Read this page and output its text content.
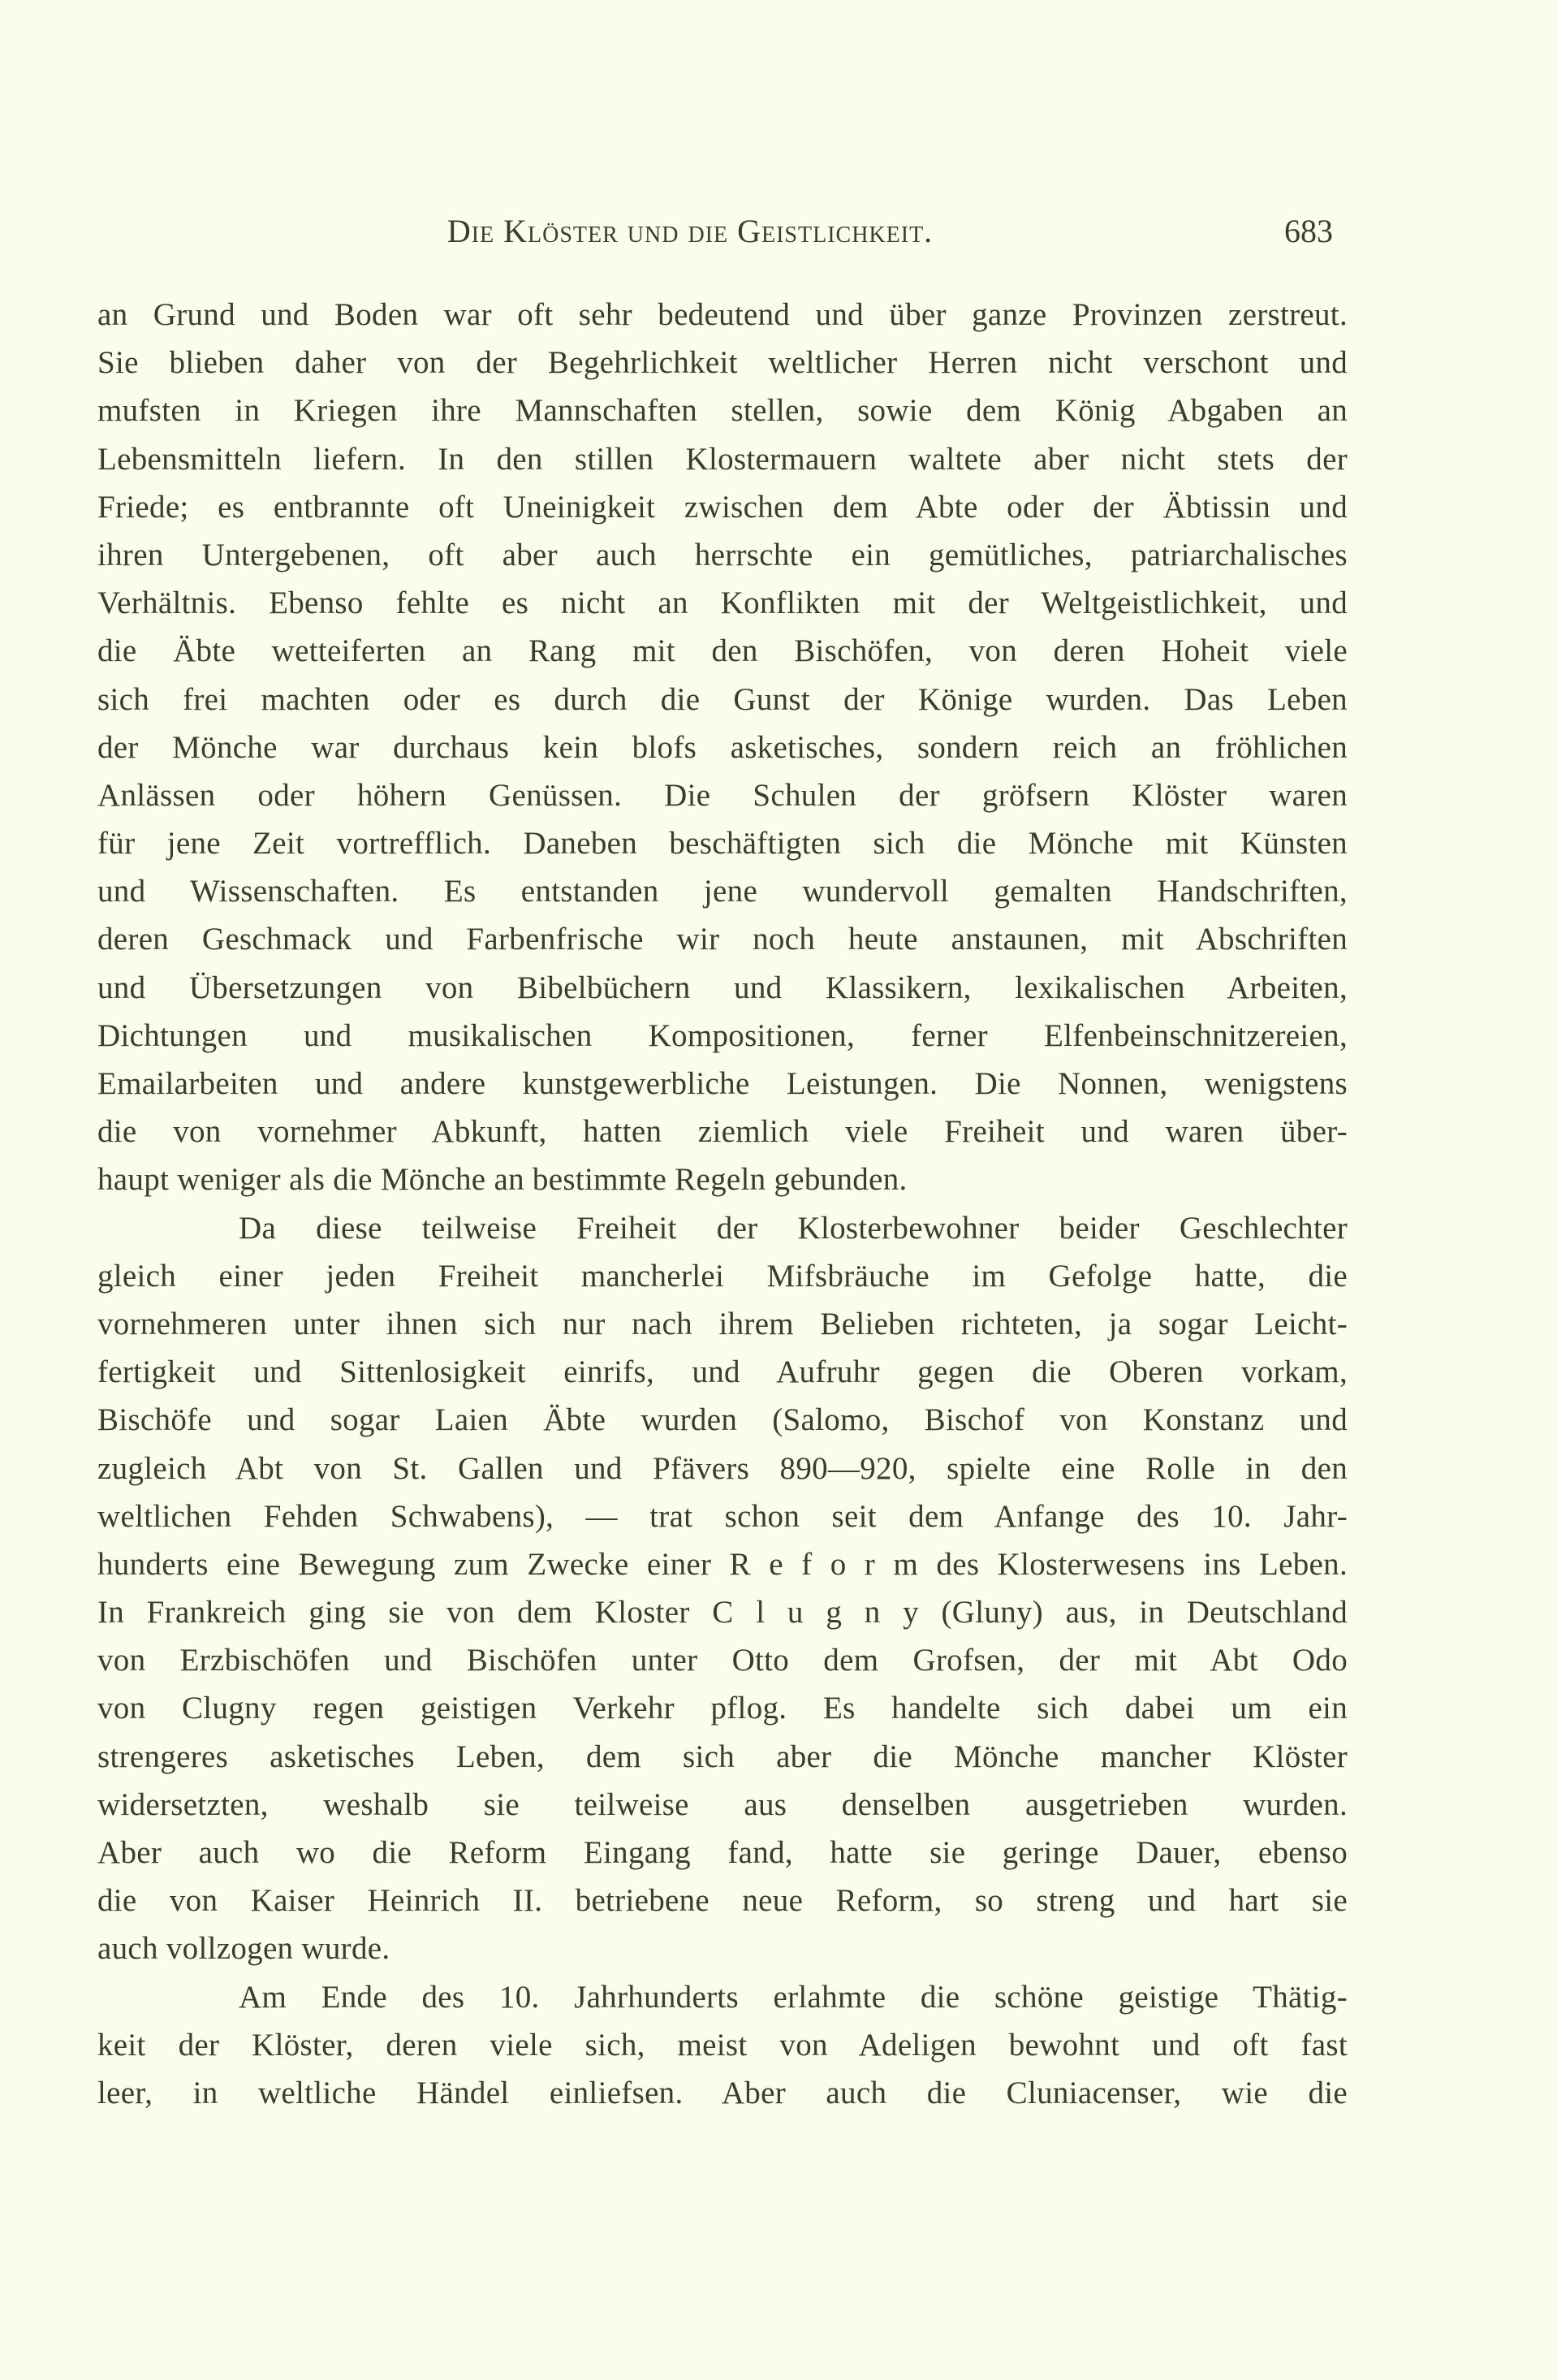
Die Klöster und die Geistlichkeit.	683
an Grund und Boden war oft sehr bedeutend und über ganze Provinzen zerstreut.
Sie blieben daher von der Begehrlichkeit weltlicher Herren nicht verschont und
mufsten in Kriegen ihre Mannschaften stellen, sowie dem König Abgaben an
Lebensmitteln liefern. In den stillen Klostermauern waltete aber nicht stets der
Friede; es entbrannte oft Uneinigkeit zwischen dem Abte oder der Äbtissin und
ihren Untergebenen, oft aber auch herrschte ein gemütliches, patriarchalisches
Verhältnis. Ebenso fehlte es nicht an Konflikten mit der Weltgeistlichkeit, und
die Äbte wetteiferten an Rang mit den Bischöfen, von deren Hoheit viele
sich frei machten oder es durch die Gunst der Könige wurden. Das Leben
der Mönche war durchaus kein blofs asketisches, sondern reich an fröhlichen
Anlässen oder höhern Genüssen. Die Schulen der gröfsern Klöster waren
für jene Zeit vortrefflich. Daneben beschäftigten sich die Mönche mit Künsten
und Wissenschaften. Es entstanden jene wundervoll gemalten Handschriften,
deren Geschmack und Farbenfrische wir noch heute anstaunen, mit Abschriften
und Übersetzungen von Bibelbüchern und Klassikern, lexikalischen Arbeiten,
Dichtungen und musikalischen Kompositionen, ferner Elfenbeinschnitzereien,
Emailarbeiten und andere kunstgewerbliche Leistungen. Die Nonnen, wenigstens
die von vornehmer Abkunft, hatten ziemlich viele Freiheit und waren über-
haupt weniger als die Mönche an bestimmte Regeln gebunden.
Da diese teilweise Freiheit der Klosterbewohner beider Geschlechter
gleich einer jeden Freiheit mancherlei Mifsbräuche im Gefolge hatte, die
vornehmeren unter ihnen sich nur nach ihrem Belieben richteten, ja sogar Leicht-
fertigkeit und Sittenlosigkeit einrifs, und Aufruhr gegen die Oberen vorkam,
Bischöfe und sogar Laien Äbte wurden (Salomo, Bischof von Konstanz und
zugleich Abt von St. Gallen und Pfävers 890—920, spielte eine Rolle in den
weltlichen Fehden Schwabens), — trat schon seit dem Anfange des 10. Jahr-
hunderts eine Bewegung zum Zwecke einer R e f o r m des Klosterwesens ins Leben.
In Frankreich ging sie von dem Kloster C l u g n y (Gluny) aus, in Deutschland
von Erzbischöfen und Bischöfen unter Otto dem Grofsen, der mit Abt Odo
von Clugny regen geistigen Verkehr pflog. Es handelte sich dabei um ein
strengeres asketisches Leben, dem sich aber die Mönche mancher Klöster
widersetzten, weshalb sie teilweise aus denselben ausgetrieben wurden.
Aber auch wo die Reform Eingang fand, hatte sie geringe Dauer, ebenso
die von Kaiser Heinrich II. betriebene neue Reform, so streng und hart sie
auch vollzogen wurde.
Am Ende des 10. Jahrhunderts erlahmte die schöne geistige Thätig-
keit der Klöster, deren viele sich, meist von Adeligen bewohnt und oft fast
leer, in weltliche Händel einliefsen. Aber auch die Cluniacenser, wie die
